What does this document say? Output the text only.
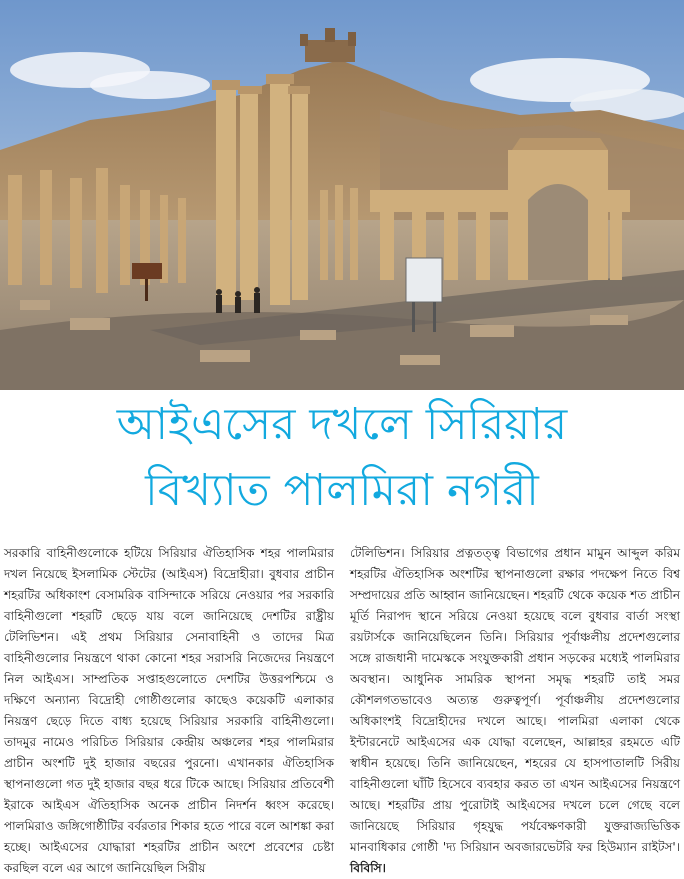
আইএসের দখলে সিরিয়ার
বিখ্যাত পালমিরা নগরী

সরকারি বাহিনীগুলোকে হটিয়ে সিরিয়ার ঐতিহাসিক শহর পালমিরার দখল নিয়েছে ইসলামিক স্টেটের (আইএস) বিদ্রোহীরা। বুধবার প্রাচীন শহরটির অধিকাংশ বেসামরিক বাসিন্দাকে সরিয়ে নেওয়ার পর সরকারি বাহিনীগুলো শহরটি ছেড়ে যায় বলে জানিয়েছে দেশটির রাষ্ট্রীয় টেলিভিশন। এই প্রথম সিরিয়ার সেনাবাহিনী ও তাদের মিত্র বাহিনীগুলোর নিয়ন্ত্রণে থাকা কোনো শহর সরাসরি নিজেদের নিয়ন্ত্রণে নিল আইএস। সাম্প্রতিক সপ্তাহগুলোতে দেশটির উত্তরপশ্চিমে ও দক্ষিণে অন্যান্য বিদ্রোহী গোষ্ঠীগুলোর কাছেও কয়েকটি এলাকার নিয়ন্ত্রণ ছেড়ে দিতে বাধ্য হয়েছে সিরিয়ার সরকারি বাহিনীগুলো। তাদমুর নামেও পরিচিত সিরিয়ার কেন্দ্রীয় অঞ্চলের শহর পালমিরার প্রাচীন অংশটি দুই হাজার বছরের পুরনো। এখানকার ঐতিহাসিক স্থাপনাগুলো গত দুই হাজার বছর ধরে টিকে আছে। সিরিয়ার প্রতিবেশী ইরাকে আইএস ঐতিহাসিক অনেক প্রাচীন নিদর্শন ধ্বংস করেছে। পালমিরাও জঙ্গিগোষ্ঠীটির বর্বরতার শিকার হতে পারে বলে আশঙ্কা করা হচ্ছে। আইএসের যোদ্ধারা শহরটির প্রাচীন অংশে প্রবেশের চেষ্টা করছিল বলে এর আগে জানিয়েছিল সিরীয়

টেলিভিশন। সিরিয়ার প্রত্নতত্ত্ব বিভাগের প্রধান মামুন আব্দুল করিম শহরটির ঐতিহাসিক অংশটির স্থাপনাগুলো রক্ষার পদক্ষেপ নিতে বিশ্ব সম্প্রদায়ের প্রতি আহ্বান জানিয়েছেন। শহরটি থেকে কয়েক শত প্রাচীন মূর্তি নিরাপদ স্থানে সরিয়ে নেওয়া হয়েছে বলে বুধবার বার্তা সংস্থা রয়টার্সকে জানিয়েছিলেন তিনি। সিরিয়ার পূর্বাঞ্চলীয় প্রদেশগুলোর সঙ্গে রাজধানী দামেস্ককে সংযুক্তকারী প্রধান সড়কের মধ্যেই পালমিরার অবস্থান। আধুনিক সামরিক স্থাপনা সমৃদ্ধ শহরটি তাই সমর কৌশলগতভাবেও অত্যন্ত গুরুত্বপূর্ণ। পূর্বাঞ্চলীয় প্রদেশগুলোর অধিকাংশই বিদ্রোহীদের দখলে আছে। পালমিরা এলাকা থেকে ইন্টারনেটে আইএসের এক যোদ্ধা বলেছেন, আল্লাহর রহমতে এটি স্বাধীন হয়েছে। তিনি জানিয়েছেন, শহরের যে হাসপাতালটি সিরীয় বাহিনীগুলো ঘাঁটি হিসেবে ব্যবহার করত তা এখন আইএসের নিয়ন্ত্রণে আছে। শহরটির প্রায় পুরোটাই আইএসের দখলে চলে গেছে বলে জানিয়েছে সিরিয়ার গৃহযুদ্ধ পর্যবেক্ষণকারী যুক্তরাজ্যভিত্তিক মানবাধিকার গোষ্ঠী 'দ্য সিরিয়ান অবজারভেটরি ফর হিউম্যান রাইটস'। বিবিসি।
